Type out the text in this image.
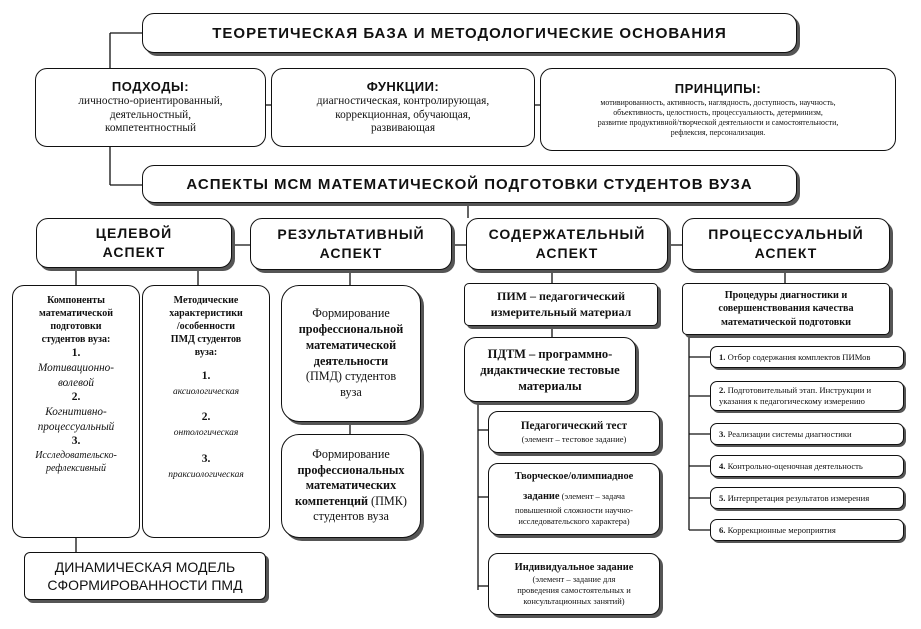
ТЕОРЕТИЧЕСКАЯ БАЗА И МЕТОДОЛОГИЧЕСКИЕ ОСНОВАНИЯ
ПОДХОДЫ:
личностно-ориентированный,
деятельностный,
компетентностный
ФУНКЦИИ:
диагностическая, контролирующая,
коррекционная, обучающая,
развивающая
ПРИНЦИПЫ:
мотивированность, активность, наглядность, доступность, научность,
объективность, целостность, процессуальность, детерминизм,
развитие продуктивной/творческой деятельности и самостоятельности,
рефлексия, персонализация.
АСПЕКТЫ МСМ МАТЕМАТИЧЕСКОЙ ПОДГОТОВКИ СТУДЕНТОВ ВУЗА
ЦЕЛЕВОЙ
АСПЕКТ
РЕЗУЛЬТАТИВНЫЙ
АСПЕКТ
СОДЕРЖАТЕЛЬНЫЙ
АСПЕКТ
ПРОЦЕССУАЛЬНЫЙ
АСПЕКТ
Компоненты
математической
подготовки
студентов вуза:
1.
Мотивационно-
волевой
2.
Когнитивно-
процессуальный
3.
Исследовательско-
рефлексивный
Методические
характеристики
/особенности
ПМД студентов
вуза:
1.
аксиологическая
2.
онтологическая
3.
праксиологическая
ДИНАМИЧЕСКАЯ МОДЕЛЬ
СФОРМИРОВАННОСТИ ПМД
Формирование
профессиональной
математической
деятельности
(ПМД) студентов
вуза
Формирование
профессиональных
математических
компетенций (ПМК)
студентов вуза
ПИМ – педагогический
измерительный материал
ПДТМ – программно-
дидактические тестовые
материалы
Педагогический тест
(элемент – тестовое задание)
Творческое/олимпиадное
задание (элемент – задача
повышенной сложности научно-
исследовательского характера)
Индивидуальное задание
(элемент – задание для
проведения самостоятельных и
консультационных занятий)
Процедуры диагностики и
совершенствования качества
математической подготовки
1. Отбор содержания комплектов ПИМов
2. Подготовительный этап. Инструкции и
указания к педагогическому измерению
3. Реализации системы диагностики
4. Контрольно-оценочная деятельность
5. Интерпретация результатов измерения
6. Коррекционные мероприятия
